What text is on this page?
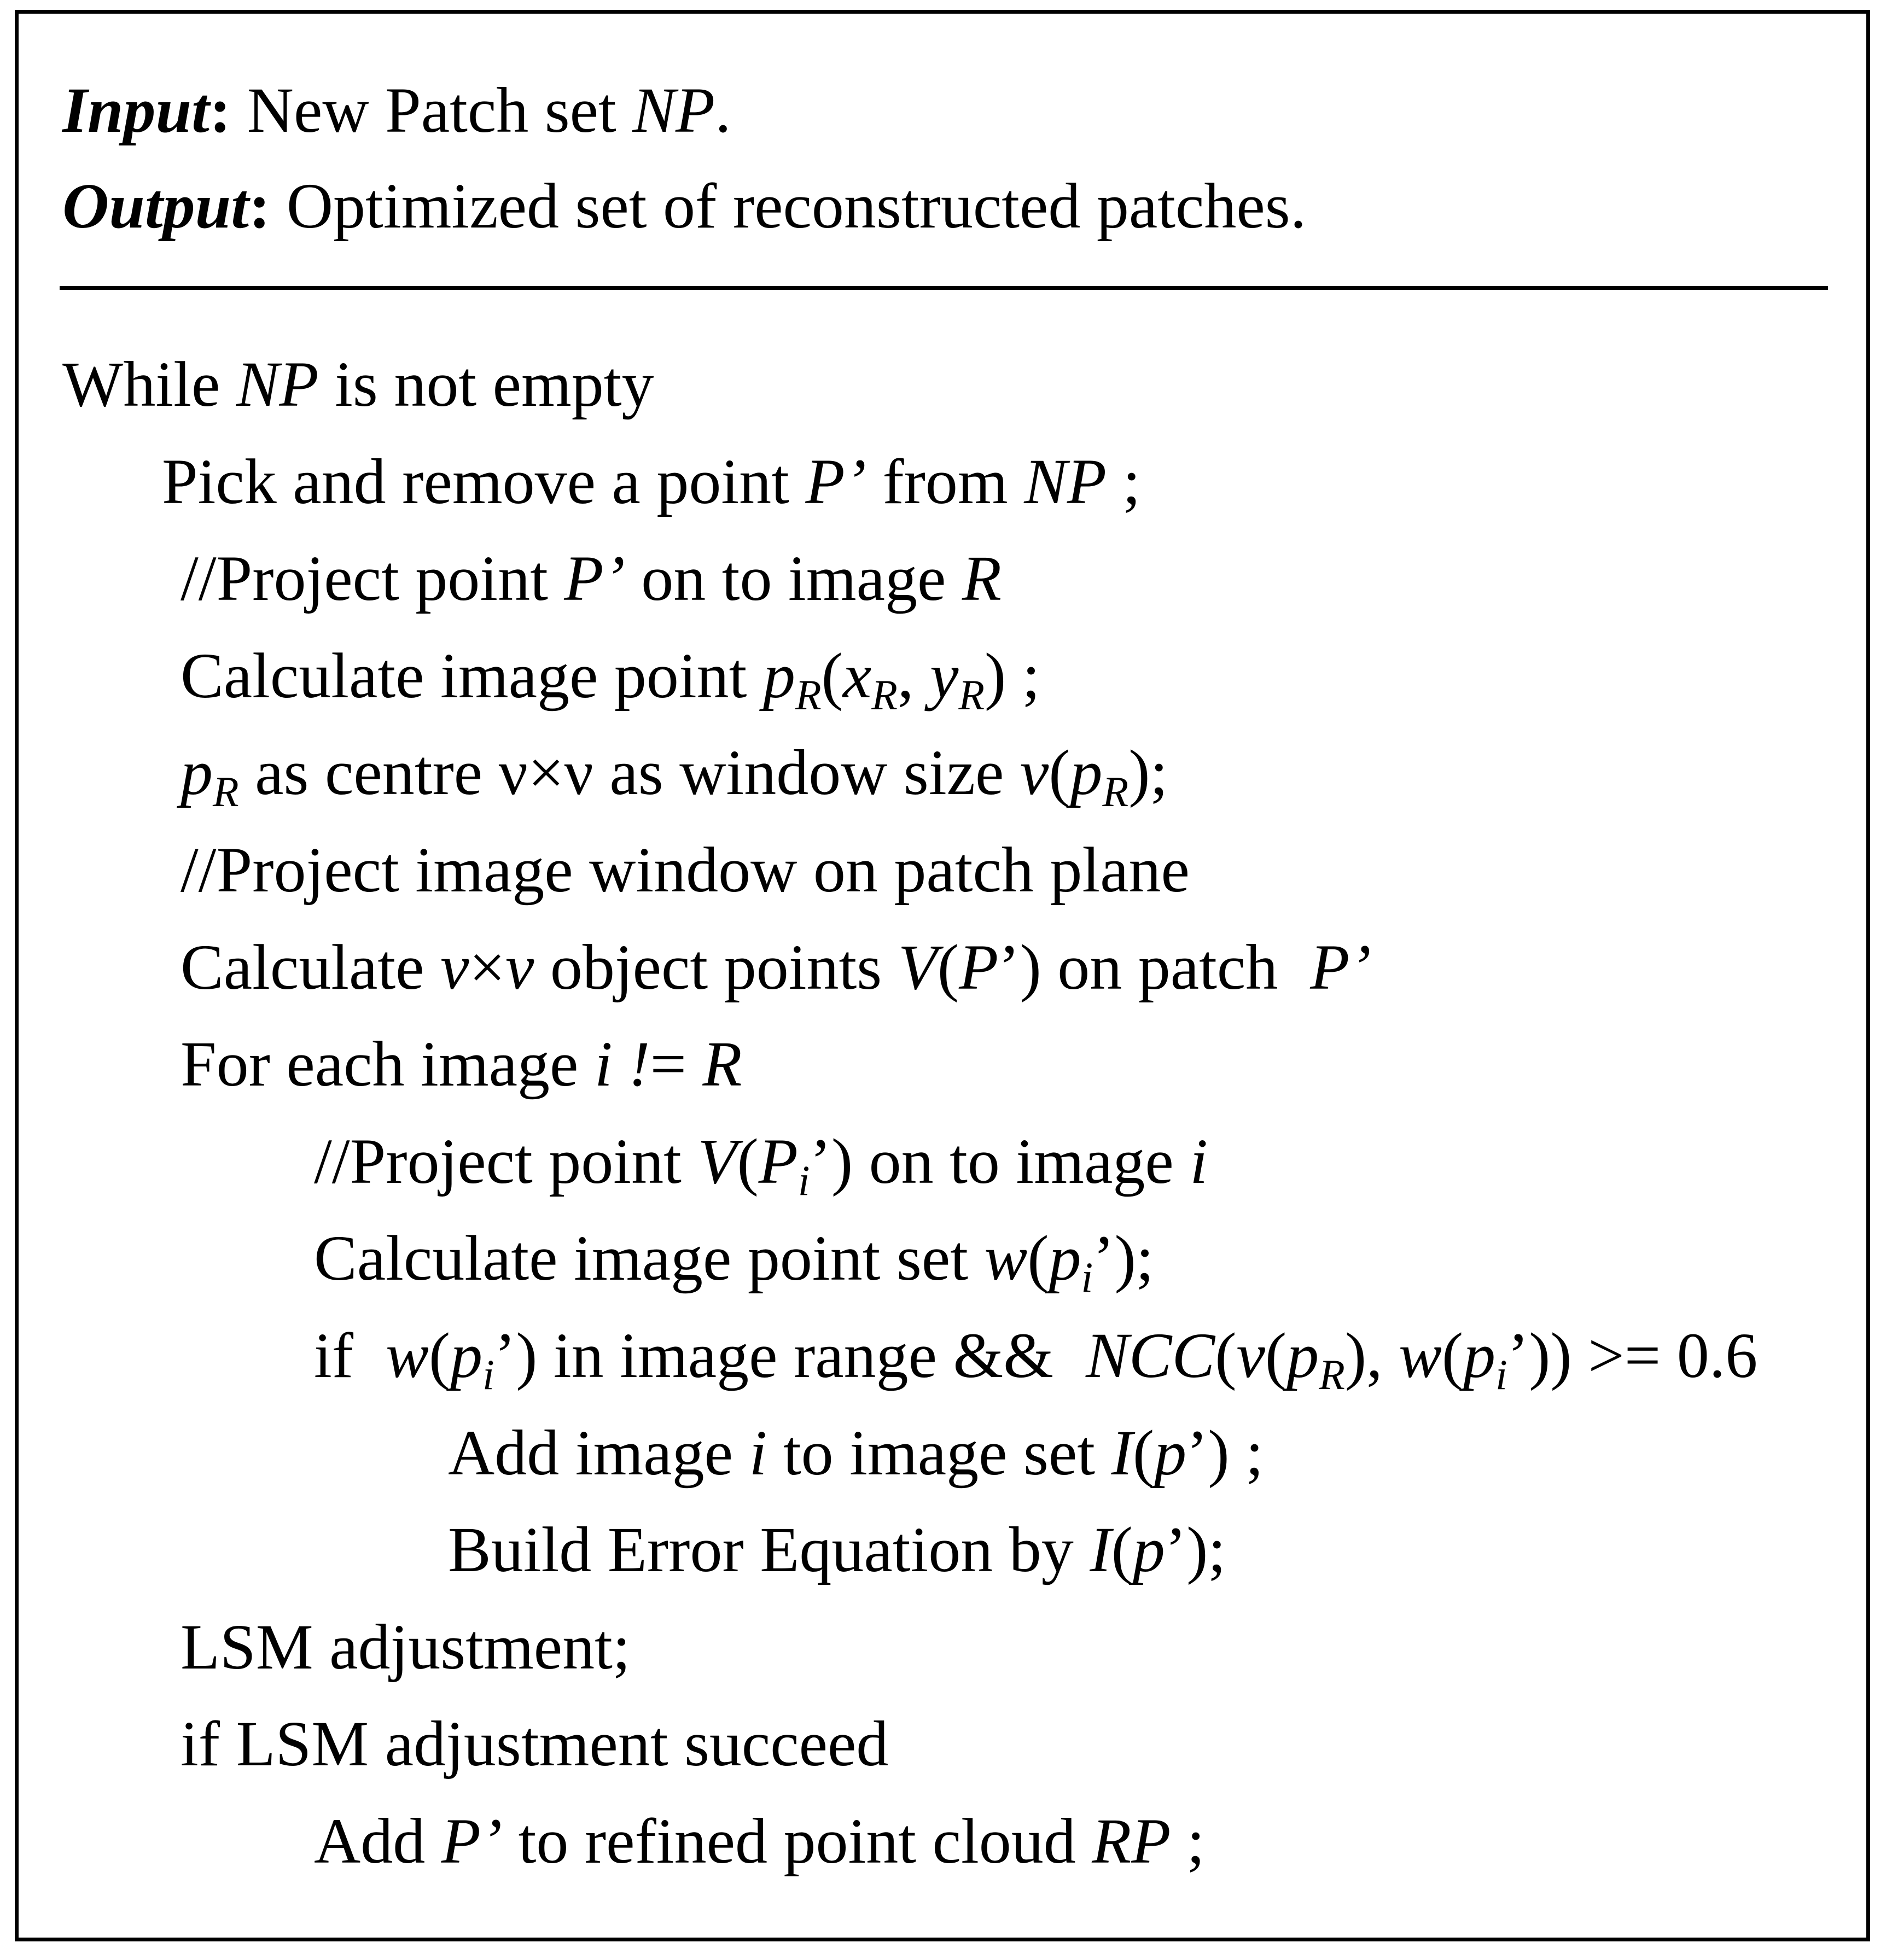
Input: New Patch set NP.
Output: Optimized set of reconstructed patches.
While NP is not empty
Pick and remove a point P’ from NP ;
//Project point P’ on to image R
Calculate image point $p_R(x_R$, $y_R$) ;
$p_R$ as centre ν×ν as window size $v(p_R)$;
//Project image window on patch plane
Calculate v×v object points V(P’) on patch  P’
For each image i != R
//Project point $V(P_i’)$ on to image i
Calculate image point set $w(p_i’)$;
if  $w(p_i’)$ in image range &&  $NCC(v(p_R)$, $w(p_i’)) >= 0.6$
Add image i to image set I(p’) ;
Build Error Equation by I(p’);
LSM adjustment;
if LSM adjustment succeed
Add P’ to refined point cloud RP ;
